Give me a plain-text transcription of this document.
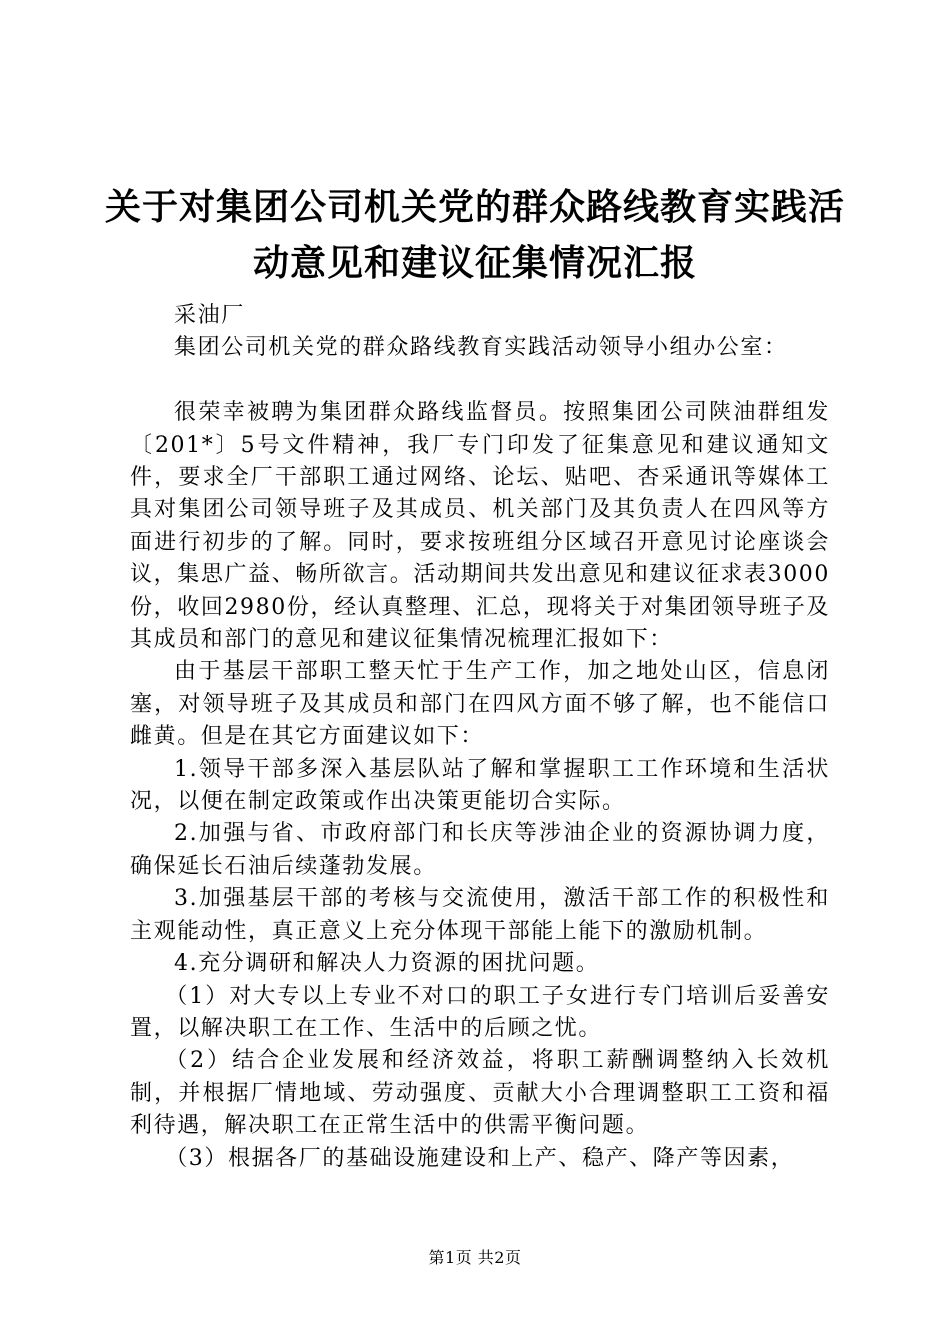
关于对集团公司机关党的群众路线教育实践活
动意见和建议征集情况汇报

采油厂

集团公司机关党的群众路线教育实践活动领导小组办公室：

很荣幸被聘为集团群众路线监督员。按照集团公司陕油群组发〔201*〕5号文件精神，我厂专门印发了征集意见和建议通知文件，要求全厂干部职工通过网络、论坛、贴吧、杏采通讯等媒体工具对集团公司领导班子及其成员、机关部门及其负责人在四风等方面进行初步的了解。同时，要求按班组分区域召开意见讨论座谈会议，集思广益、畅所欲言。活动期间共发出意见和建议征求表3000份，收回2980份，经认真整理、汇总，现将关于对集团领导班子及其成员和部门的意见和建议征集情况梳理汇报如下：

由于基层干部职工整天忙于生产工作，加之地处山区，信息闭塞，对领导班子及其成员和部门在四风方面不够了解，也不能信口雌黄。但是在其它方面建议如下：

1.领导干部多深入基层队站了解和掌握职工工作环境和生活状况，以便在制定政策或作出决策更能切合实际。

2.加强与省、市政府部门和长庆等涉油企业的资源协调力度，确保延长石油后续蓬勃发展。

3.加强基层干部的考核与交流使用，激活干部工作的积极性和主观能动性，真正意义上充分体现干部能上能下的激励机制。

4.充分调研和解决人力资源的困扰问题。

（1）对大专以上专业不对口的职工子女进行专门培训后妥善安置，以解决职工在工作、生活中的后顾之忧。

（2）结合企业发展和经济效益，将职工薪酬调整纳入长效机制，并根据厂情地域、劳动强度、贡献大小合理调整职工工资和福利待遇，解决职工在正常生活中的供需平衡问题。

（3）根据各厂的基础设施建设和上产、稳产、降产等因素，

第1页 共2页
